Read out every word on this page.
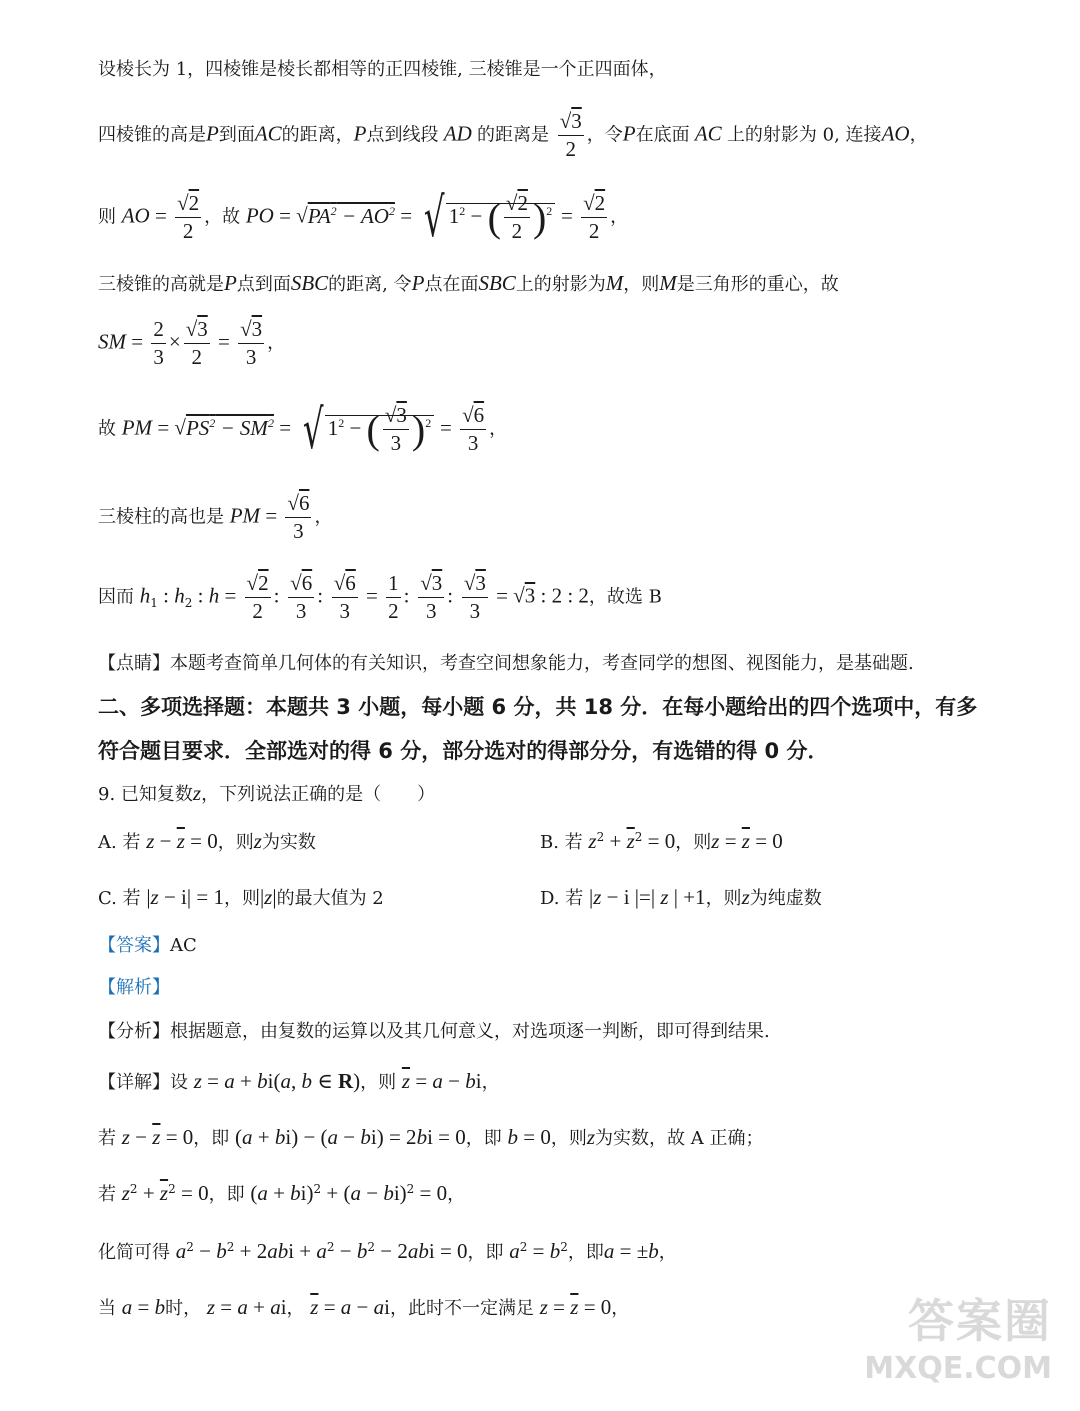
设棱长为 1，四棱锥是棱长都相等的正四棱锥, 三棱锥是一个正四面体，
四棱锥的高是P到面AC的距离，P点到线段 AD 的距离是 $\frac{√3}{2}$ ，令P在底面 AC 上的射影为 0, 连接AO，
则 AO = $\frac{√2}{2}$ ，故 PO = $√PA^2 - AO^2$ = √ $1^2$ − ( $\frac{√2}{2} )^2 = \frac{√2}{2}$ ，
三棱锥的高就是P点到面SBC的距离, 令P点在面SBC上的射影为M，则M是三角形的重心，故
SM = $\frac{2}{3} \times \frac{√3}{2} = \frac{√3}{3}$ ，
故 PM = $√PS^2 - SM^2$ = √ $1^2$ − ( $\frac{√3}{3} )^2 = \frac{√6}{3}$ ，
三棱柱的高也是 PM = $\frac{√6}{3}$ ，
因而 $h_1$ : $h_2$ : $h = \frac{√2}{2}$ : $\frac{√6}{3}$ : $\frac{√6}{3} = \frac{1}{2}$ : $\frac{√3}{3}$ : $\frac{√3}{3} = √3$ : 2 : 2，故选 B
【点睛】本题考查简单几何体的有关知识，考查空间想象能力，考查同学的想图、视图能力，是基础题.
二、多项选择题：本题共 3 小题，每小题 6 分，共 18 分．在每小题给出的四个选项中，有多
符合题目要求．全部选对的得 6 分，部分选对的得部分分，有选错的得 0 分．
9. 已知复数z，下列说法正确的是（　　）
A. 若 $z - \overline{z} = 0$，则z为实数	B. 若 $z^2 + \overline{z}^2 = 0$，则$z = \overline{z} = 0$
C. 若 |z − i| = 1，则|z|的最大值为 2	D. 若 |z − i |=| z | +1，则z为纯虚数
【答案】AC
【解析】
【分析】根据题意，由复数的运算以及其几何意义，对选项逐一判断，即可得到结果.
【详解】设 z = a + bi(a, b ∈ R)，则 $\overline{z} = a$ − bi，
若 $z - \overline{z} = 0$，即 (a + bi) − (a − bi) = 2bi = 0，即 b = 0，则z为实数，故 A 正确；
若 $z^2 + \overline{z}^2 = 0$，即 (a + bi)$^2$ + (a − bi)$^2$ = 0，
化简可得 $a^2 - b^2 + 2abi + a^2 - b^2 - 2abi = 0$，即 $a^2 = b^2$，即a = ±b，
当 a = b时， z = a + ai， $\overline{z} = a$ − ai，此时不一定满足 $z = \overline{z} = 0$，	答案圈
MXQE.COM
